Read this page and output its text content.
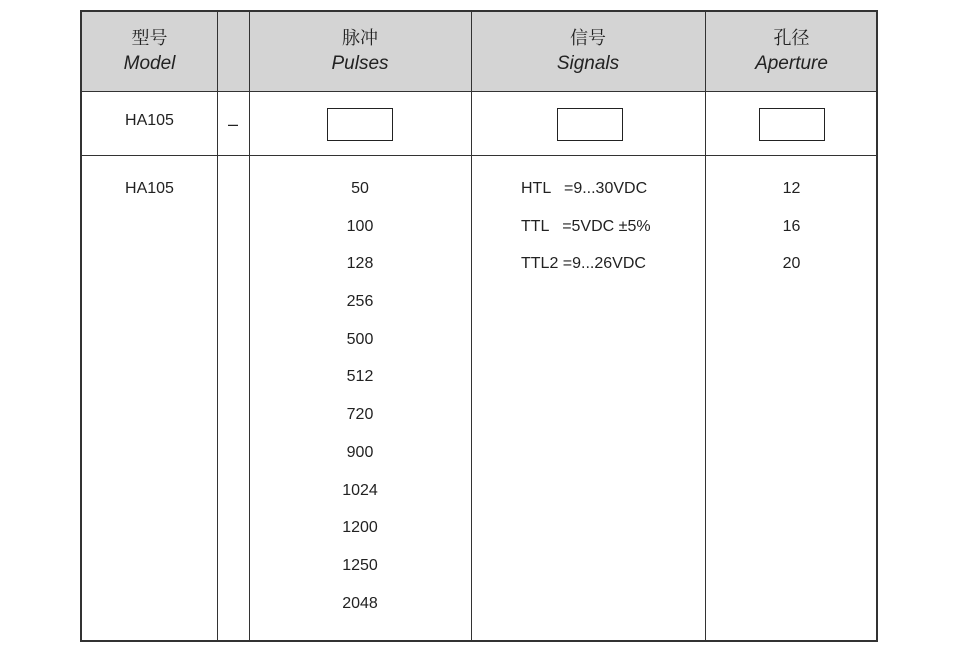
型号
Model
脉冲
Pulses
信号
Signals
孔径
Aperture
HA105	–
HA105	50
100
128
256
500
512
720
900
1024
1200
1250
2048
HTL   =9...30VDC
TTL   =5VDC ±5%
TTL2 =9...26VDC
12
16
20
